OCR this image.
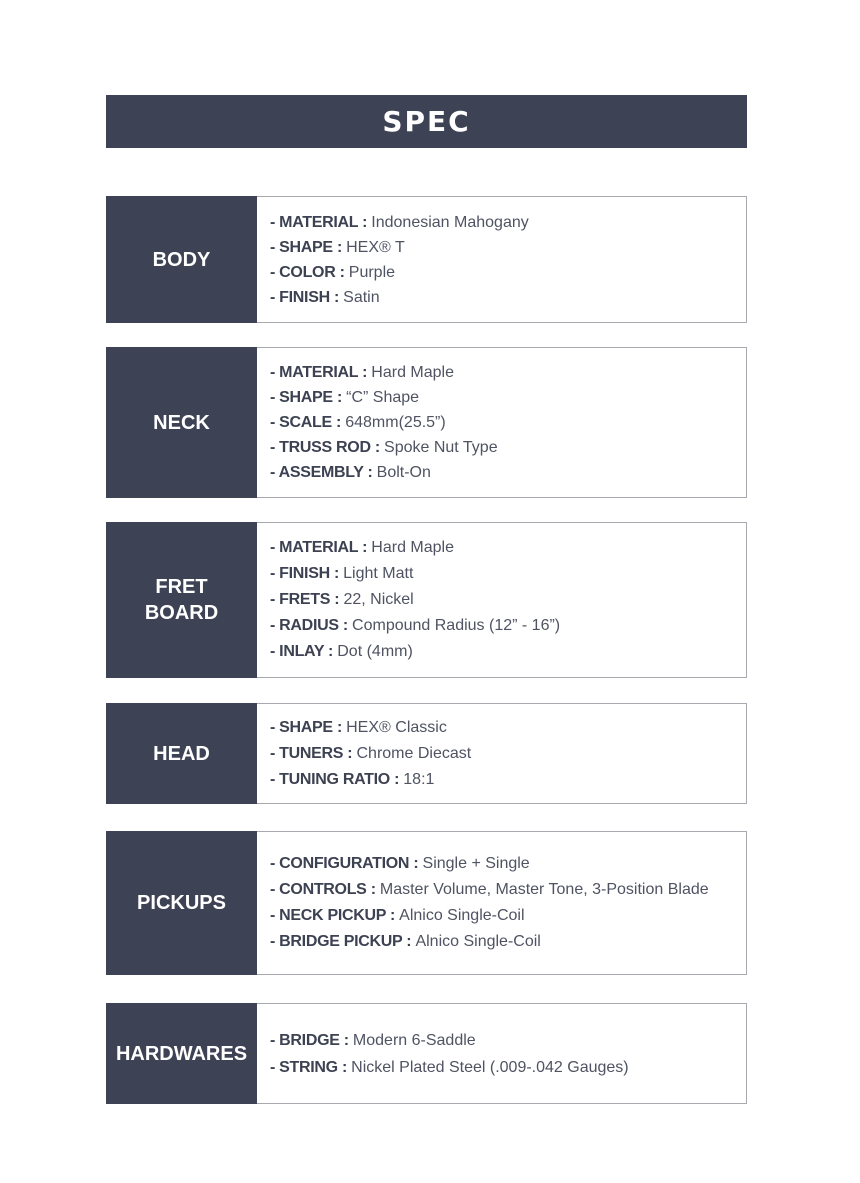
SPEC
BODY
- MATERIAL : Indonesian Mahogany
- SHAPE : HEX® T
- COLOR : Purple
- FINISH : Satin
NECK
- MATERIAL : Hard Maple
- SHAPE : “C” Shape
- SCALE : 648mm(25.5”)
- TRUSS ROD : Spoke Nut Type
- ASSEMBLY : Bolt-On
FRET
BOARD
- MATERIAL : Hard Maple
- FINISH : Light Matt
- FRETS : 22, Nickel
- RADIUS : Compound Radius (12” - 16”)
- INLAY : Dot (4mm)
HEAD
- SHAPE : HEX® Classic
- TUNERS : Chrome Diecast
- TUNING RATIO : 18:1
PICKUPS
- CONFIGURATION : Single + Single
- CONTROLS : Master Volume, Master Tone, 3-Position Blade
- NECK PICKUP : Alnico Single-Coil
- BRIDGE PICKUP : Alnico Single-Coil
HARDWARES
- BRIDGE : Modern 6-Saddle
- STRING : Nickel Plated Steel (.009-.042 Gauges)
